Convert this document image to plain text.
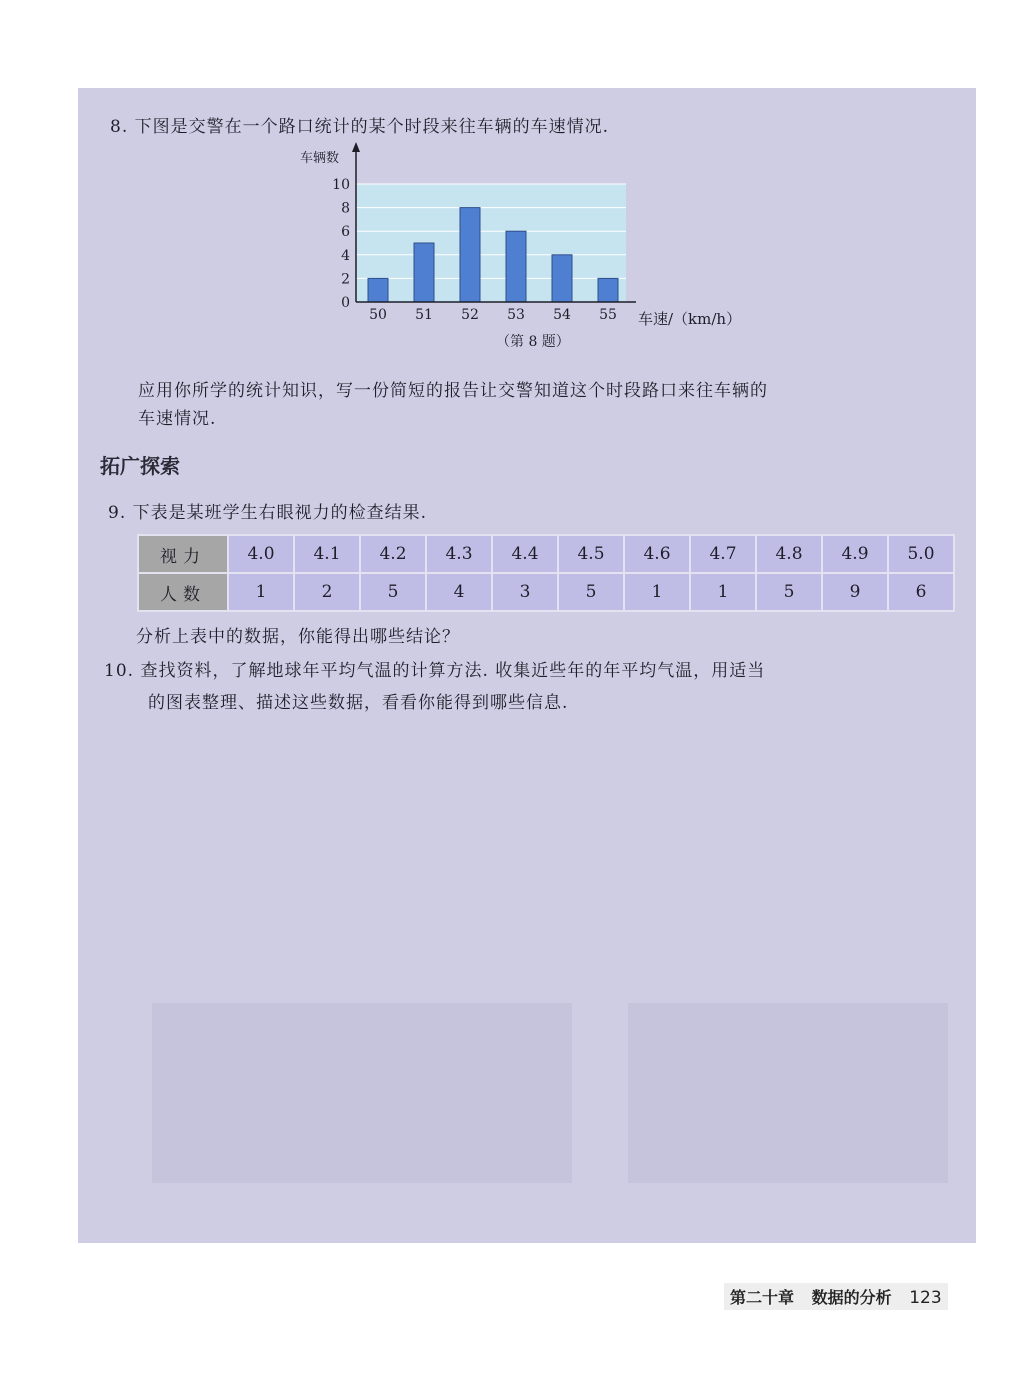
8. 下图是交警在一个路口统计的某个时段来往车辆的车速情况.
0
2
4
6
8
10
50 51 52 53 54 55
车辆数
车速/（km/h）
（第 8 题）
应用你所学的统计知识，写一份简短的报告让交警知道这个时段路口来往车辆的
车速情况.
拓广探索
9. 下表是某班学生右眼视力的检查结果.
视力	4.0	4.1	4.2	4.3	4.4	4.5	4.6	4.7	4.8	4.9	5.0
人数	1	2	5	4	3	5	1	1	5	9	6
分析上表中的数据，你能得出哪些结论？
10. 查找资料，了解地球年平均气温的计算方法. 收集近些年的年平均气温，用适当
的图表整理、描述这些数据，看看你能得到哪些信息.
第二十章 数据的分析 123
